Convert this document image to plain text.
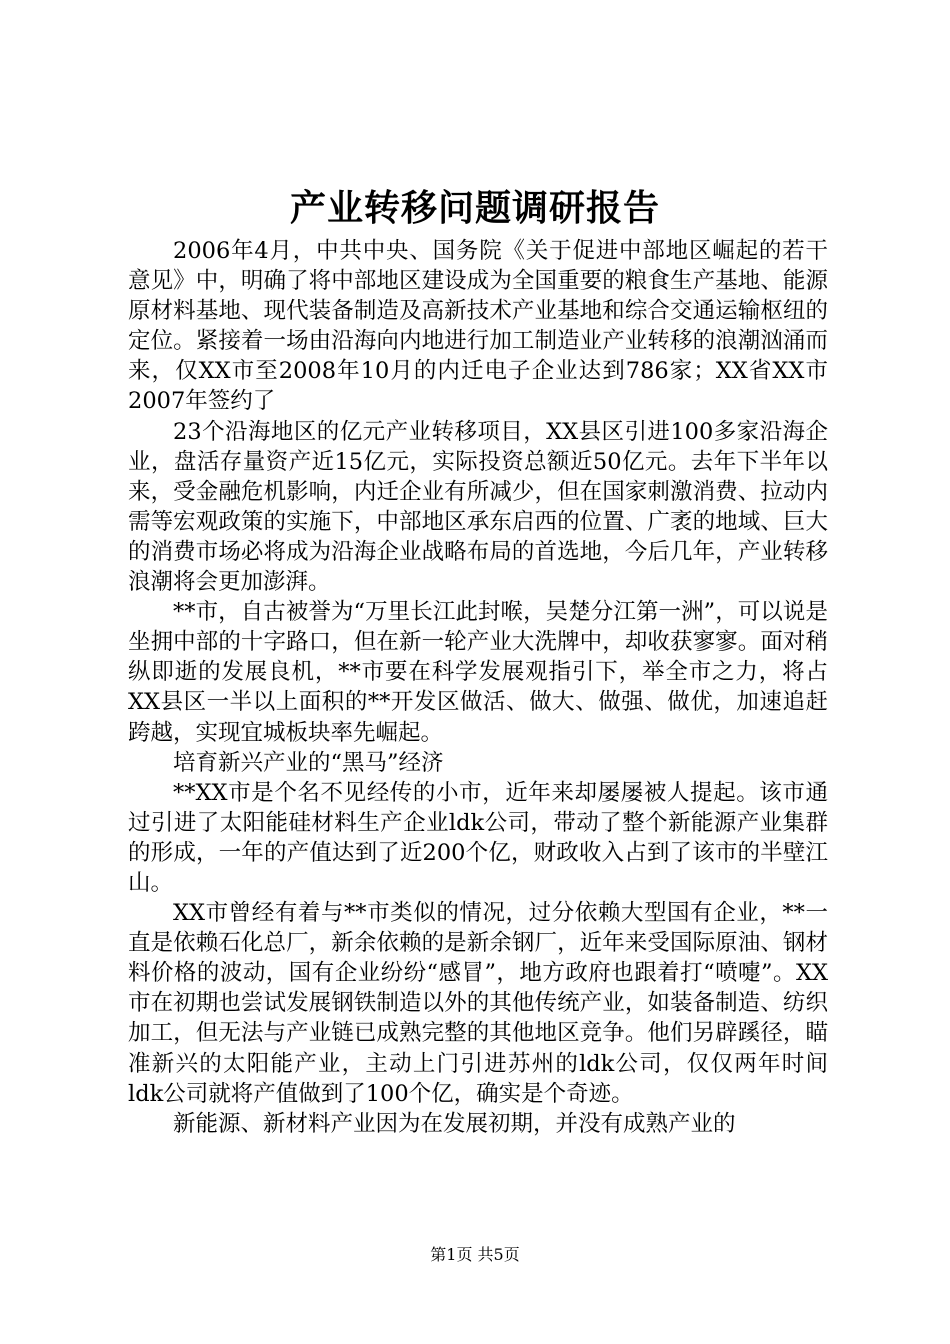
产业转移问题调研报告

2006年4月，中共中央、国务院《关于促进中部地区崛起的若干意见》中，明确了将中部地区建设成为全国重要的粮食生产基地、能源原材料基地、现代装备制造及高新技术产业基地和综合交通运输枢纽的定位。紧接着一场由沿海向内地进行加工制造业产业转移的浪潮汹涌而来，仅XX市至2008年10月的内迁电子企业达到786家；XX省XX市2007年签约了

23个沿海地区的亿元产业转移项目，XX县区引进100多家沿海企业，盘活存量资产近15亿元，实际投资总额近50亿元。去年下半年以来，受金融危机影响，内迁企业有所减少，但在国家刺激消费、拉动内需等宏观政策的实施下，中部地区承东启西的位置、广袤的地域、巨大的消费市场必将成为沿海企业战略布局的首选地，今后几年，产业转移浪潮将会更加澎湃。

**市，自古被誉为“万里长江此封喉，吴楚分江第一洲”，可以说是坐拥中部的十字路口，但在新一轮产业大洗牌中，却收获寥寥。面对稍纵即逝的发展良机，**市要在科学发展观指引下，举全市之力，将占XX县区一半以上面积的**开发区做活、做大、做强、做优，加速追赶跨越，实现宜城板块率先崛起。

培育新兴产业的“黑马”经济

**XX市是个名不见经传的小市，近年来却屡屡被人提起。该市通过引进了太阳能硅材料生产企业ldk公司，带动了整个新能源产业集群的形成，一年的产值达到了近200个亿，财政收入占到了该市的半壁江山。

XX市曾经有着与**市类似的情况，过分依赖大型国有企业，**一直是依赖石化总厂，新余依赖的是新余钢厂，近年来受国际原油、钢材料价格的波动，国有企业纷纷“感冒”，地方政府也跟着打“喷嚏”。XX市在初期也尝试发展钢铁制造以外的其他传统产业，如装备制造、纺织加工，但无法与产业链已成熟完整的其他地区竞争。他们另辟蹊径，瞄准新兴的太阳能产业，主动上门引进苏州的ldk公司，仅仅两年时间ldk公司就将产值做到了100个亿，确实是个奇迹。

新能源、新材料产业因为在发展初期，并没有成熟产业的

第1页 共5页
